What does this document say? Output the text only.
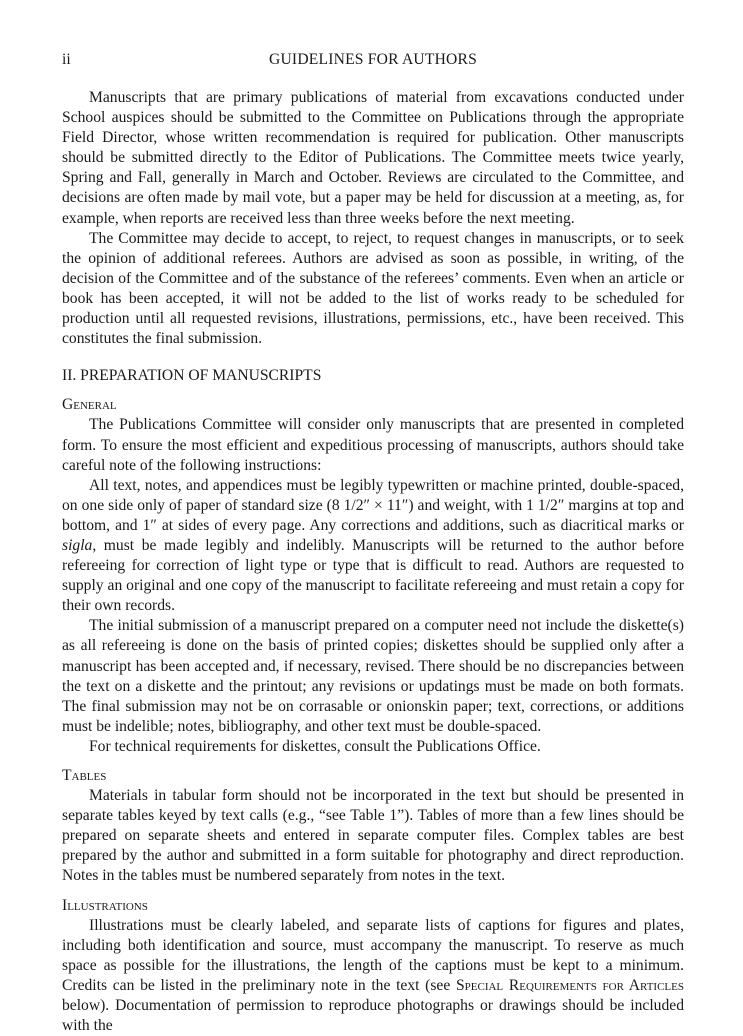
ii	GUIDELINES FOR AUTHORS

Manuscripts that are primary publications of material from excavations conducted under School auspices should be submitted to the Committee on Publications through the appropriate Field Director, whose written recommendation is required for publication. Other manuscripts should be submitted directly to the Editor of Publications. The Committee meets twice yearly, Spring and Fall, generally in March and October. Reviews are circulated to the Committee, and decisions are often made by mail vote, but a paper may be held for discussion at a meeting, as, for example, when reports are received less than three weeks before the next meeting.

The Committee may decide to accept, to reject, to request changes in manuscripts, or to seek the opinion of additional referees. Authors are advised as soon as possible, in writing, of the decision of the Committee and of the substance of the referees’ comments. Even when an article or book has been accepted, it will not be added to the list of works ready to be scheduled for production until all requested revisions, illustrations, permissions, etc., have been received. This constitutes the final submission.

II. PREPARATION OF MANUSCRIPTS
General

The Publications Committee will consider only manuscripts that are presented in completed form. To ensure the most efficient and expeditious processing of manuscripts, authors should take careful note of the following instructions:

All text, notes, and appendices must be legibly typewritten or machine printed, double-spaced, on one side only of paper of standard size (8 1/2″ × 11″) and weight, with 1 1/2″ margins at top and bottom, and 1″ at sides of every page. Any corrections and additions, such as diacritical marks or sigla, must be made legibly and indelibly. Manuscripts will be returned to the author before refereeing for correction of light type or type that is difficult to read. Authors are requested to supply an original and one copy of the manuscript to facilitate refereeing and must retain a copy for their own records.

The initial submission of a manuscript prepared on a computer need not include the diskette(s) as all refereeing is done on the basis of printed copies; diskettes should be supplied only after a manuscript has been accepted and, if necessary, revised. There should be no discrepancies between the text on a diskette and the printout; any revisions or updatings must be made on both formats. The final submission may not be on corrasable or onionskin paper; text, corrections, or additions must be indelible; notes, bibliography, and other text must be double-spaced.

For technical requirements for diskettes, consult the Publications Office.

Tables

Materials in tabular form should not be incorporated in the text but should be presented in separate tables keyed by text calls (e.g., “see Table 1”). Tables of more than a few lines should be prepared on separate sheets and entered in separate computer files. Complex tables are best prepared by the author and submitted in a form suitable for photography and direct reproduction. Notes in the tables must be numbered separately from notes in the text.

Illustrations

Illustrations must be clearly labeled, and separate lists of captions for figures and plates, including both identification and source, must accompany the manuscript. To reserve as much space as possible for the illustrations, the length of the captions must be kept to a minimum. Credits can be listed in the preliminary note in the text (see Special Requirements for Articles below). Documentation of permission to reproduce photographs or drawings should be included with the
